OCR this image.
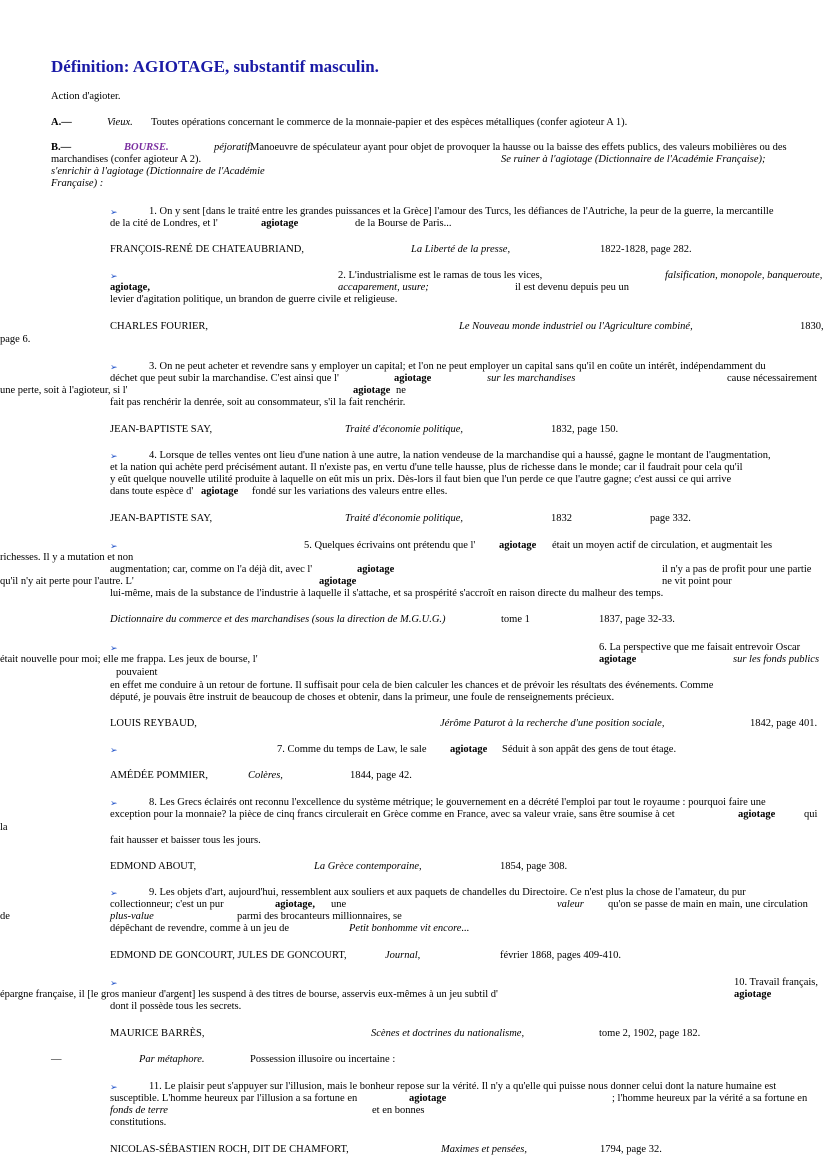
Définition: AGIOTAGE, substantif masculin.
Action d'agioter.
A.—	Vieux. Toutes opérations concernant le commerce de la monnaie-papier et des espèces métalliques (confer agioteur A 1).
B.—	BOURSE.	péjoratif.
Manoeuvre de spéculateur ayant pour objet de provoquer la hausse ou la baisse des effets publics, des valeurs mobilières ou des
marchandises (confer agioteur A 2).	Se ruiner à l'agiotage (Dictionnaire de l'Académie Française);
s'enrichir à l'agiotage (Dictionnaire de l'Académie
Française) :
➢	1. On y sent [dans le traité entre les grandes puissances et la Grèce] l'amour des Turcs, les défiances de l'Autriche, la peur de la guerre, la mercantille
de la cité de Londres, et l'	agiotage	de la Bourse de Paris...
FRANÇOIS-RENÉ DE CHATEAUBRIAND,	La Liberté de la presse,	1822-1828, page 282.
➢	2. L'industrialisme est le ramas de tous les vices,	falsification, monopole, banqueroute,
agiotage,	accaparement, usure;	il est devenu depuis peu un
levier d'agitation politique, un brandon de guerre civile et religieuse.
CHARLES FOURIER,	Le Nouveau monde industriel ou l'Agriculture combiné,	1830,
page 6.
➢	3. On ne peut acheter et revendre sans y employer un capital; et l'on ne peut employer un capital sans qu'il en coûte un intérêt, indépendamment du
déchet que peut subir la marchandise. C'est ainsi que l'	agiotage	sur les marchandises	cause nécessairement
une perte, soit à l'agioteur, si l'	agiotage ne
fait pas renchérir la denrée, soit au consommateur, s'il la fait renchérir.
JEAN-BAPTISTE SAY,	Traité d'économie politique,	1832, page 150.
➢	4. Lorsque de telles ventes ont lieu d'une nation à une autre, la nation vendeuse de la marchandise qui a haussé, gagne le montant de l'augmentation,
et la nation qui achète perd précisément autant. Il n'existe pas, en vertu d'une telle hausse, plus de richesse dans le monde; car il faudrait pour cela qu'il
y eût quelque nouvelle utilité produite à laquelle on eût mis un prix. Dès-lors il faut bien que l'un perde ce que l'autre gagne; c'est aussi ce qui arrive
dans toute espèce d' agiotage fondé sur les variations des valeurs entre elles.
JEAN-BAPTISTE SAY,	Traité d'économie politique,	1832	page 332.
➢	5. Quelques écrivains ont prétendu que l' agiotage était un moyen actif de circulation, et augmentait les
richesses. Il y a mutation et non
augmentation; car, comme on l'a déjà dit, avec l'	agiotage	il n'y a pas de profit pour une partie
qu'il n'y ait perte pour l'autre. L'	agiotage	ne vit point pour
lui-même, mais de la substance de l'industrie à laquelle il s'attache, et sa prospérité s'accroît en raison directe du malheur des temps.
Dictionnaire du commerce et des marchandises (sous la direction de M.G.U.G.)	tome 1	1837, page 32-33.
➢	6. La perspective que me faisait entrevoir Oscar
était nouvelle pour moi; elle me frappa. Les jeux de bourse, l'	agiotage	sur les fonds publics
pouvaient
en effet me conduire à un retour de fortune. Il suffisait pour cela de bien calculer les chances et de prévoir les résultats des événements. Comme
député, je pouvais être instruit de beaucoup de choses et obtenir, dans la primeur, une foule de renseignements précieux.
LOUIS REYBAUD,	Jérôme Paturot à la recherche d'une position sociale,	1842, page 401.
➢	7. Comme du temps de Law, le sale agiotage Séduit à son appât des gens de tout étage.
AMÉDÉE POMMIER,	Colères,	1844, page 42.
➢	8. Les Grecs éclairés ont reconnu l'excellence du système métrique; le gouvernement en a décrété l'emploi par tout le royaume : pourquoi faire une
exception pour la monnaie? la pièce de cinq francs circulerait en Grèce comme en France, avec sa valeur vraie, sans être soumise à cet	agiotage	qui
la
fait hausser et baisser tous les jours.
EDMOND ABOUT,	La Grèce contemporaine,	1854, page 308.
➢	9. Les objets d'art, aujourd'hui, ressemblent aux souliers et aux paquets de chandelles du Directoire. Ce n'est plus la chose de l'amateur, du pur
collectionneur; c'est un pur	agiotage, une	valeur qu'on se passe de main en main, une circulation
de	plus-value	parmi des brocanteurs millionnaires, se
dépêchant de revendre, comme à un jeu de	Petit bonhomme vit encore...
EDMOND DE GONCOURT, JULES DE GONCOURT,	Journal,	février 1868, pages 409-410.
➢	10. Travail français,
épargne française, il [le gros manieur d'argent] les suspend à des titres de bourse, asservis eux-mêmes à un jeu subtil d'	agiotage
dont il possède tous les secrets.
MAURICE BARRÈS,	Scènes et doctrines du nationalisme,	tome 2, 1902, page 182.
—	Par métaphore.	Possession illusoire ou incertaine :
➢	11. Le plaisir peut s'appuyer sur l'illusion, mais le bonheur repose sur la vérité. Il n'y a qu'elle qui puisse nous donner celui dont la nature humaine est
susceptible. L'homme heureux par l'illusion a sa fortune en	agiotage	; l'homme heureux par la vérité a sa fortune en
fonds de terre	et en bonnes
constitutions.
NICOLAS-SÉBASTIEN ROCH, DIT DE CHAMFORT,	Maximes et pensées,	1794, page 32.
